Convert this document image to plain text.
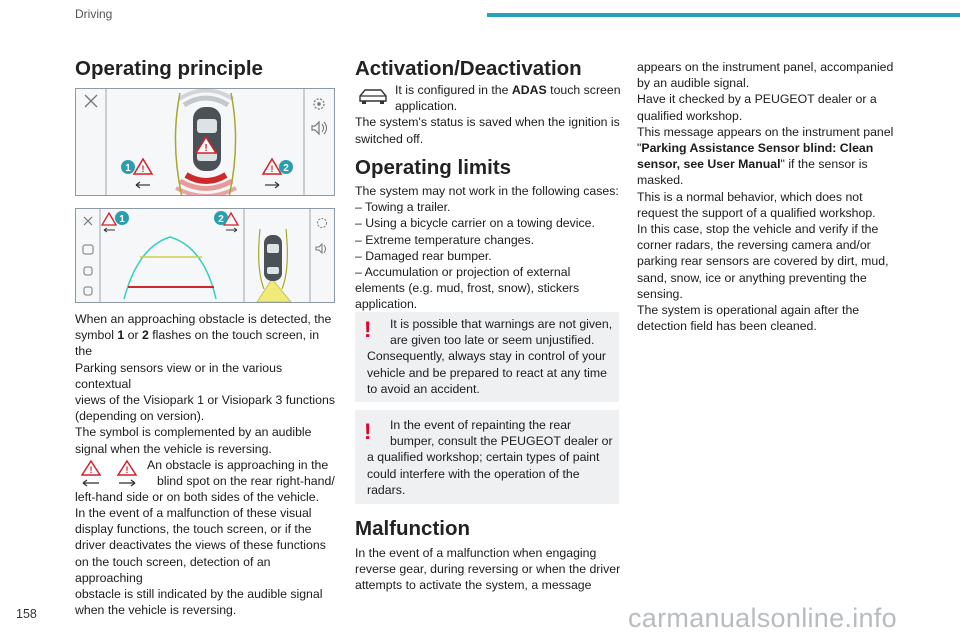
Driving
Operating principle
!
!	!
1	2
1	2
When an approaching obstacle is detected, the
symbol 1 or 2 flashes on the touch screen, in the
Parking sensors view or in the various contextual
views of the Visiopark 1 or Visiopark 3 functions
(depending on version).
The symbol is complemented by an audible
signal when the vehicle is reversing.
!	! An obstacle is approaching in the
blind spot on the rear right-hand/
left-hand side or on both sides of the vehicle.
In the event of a malfunction of these visual
display functions, the touch screen, or if the
driver deactivates the views of these functions
on the touch screen, detection of an approaching
obstacle is still indicated by the audible signal
when the vehicle is reversing.
Activation/Deactivation
It is configured in the ADAS touch screen
application.
The system's status is saved when the ignition is
switched off.
Operating limits
The system may not work in the following cases:
– Towing a trailer.
– Using a bicycle carrier on a towing device.
– Extreme temperature changes.
– Damaged rear bumper.
– Accumulation or projection of external
elements (e.g. mud, frost, snow), stickers
application.
!	It is possible that warnings are not given,
are given too late or seem unjustified.
Consequently, always stay in control of your
vehicle and be prepared to react at any time
to avoid an accident.
!	In the event of repainting the rear
bumper, consult the PEUGEOT dealer or
a qualified workshop; certain types of paint
could interfere with the operation of the
radars.
Malfunction
In the event of a malfunction when engaging
reverse gear, during reversing or when the driver
attempts to activate the system, a message
appears on the instrument panel, accompanied
by an audible signal.
Have it checked by a PEUGEOT dealer or a
qualified workshop.
This message appears on the instrument panel
"Parking Assistance Sensor blind: Clean
sensor, see User Manual" if the sensor is
masked.
This is a normal behavior, which does not
request the support of a qualified workshop.
In this case, stop the vehicle and verify if the
corner radars, the reversing camera and/or
parking rear sensors are covered by dirt, mud,
sand, snow, ice or anything preventing the
sensing.
The system is operational again after the
detection field has been cleaned.
158	carmanualsonline.info
